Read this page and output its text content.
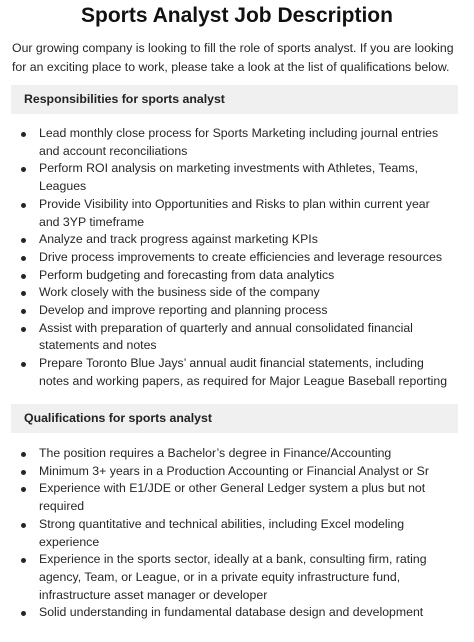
Sports Analyst Job Description
Our growing company is looking to fill the role of sports analyst. If you are looking for an exciting place to work, please take a look at the list of qualifications below.
Responsibilities for sports analyst
Lead monthly close process for Sports Marketing including journal entries and account reconciliations
Perform ROI analysis on marketing investments with Athletes, Teams, Leagues
Provide Visibility into Opportunities and Risks to plan within current year and 3YP timeframe
Analyze and track progress against marketing KPIs
Drive process improvements to create efficiencies and leverage resources
Perform budgeting and forecasting from data analytics
Work closely with the business side of the company
Develop and improve reporting and planning process
Assist with preparation of quarterly and annual consolidated financial statements and notes
Prepare Toronto Blue Jays’ annual audit financial statements, including notes and working papers, as required for Major League Baseball reporting
Qualifications for sports analyst
The position requires a Bachelor’s degree in Finance/Accounting
Minimum 3+ years in a Production Accounting or Financial Analyst or Sr
Experience with E1/JDE or other General Ledger system a plus but not required
Strong quantitative and technical abilities, including Excel modeling experience
Experience in the sports sector, ideally at a bank, consulting firm, rating agency, Team, or League, or in a private equity infrastructure fund, infrastructure asset manager or developer
Solid understanding in fundamental database design and development
